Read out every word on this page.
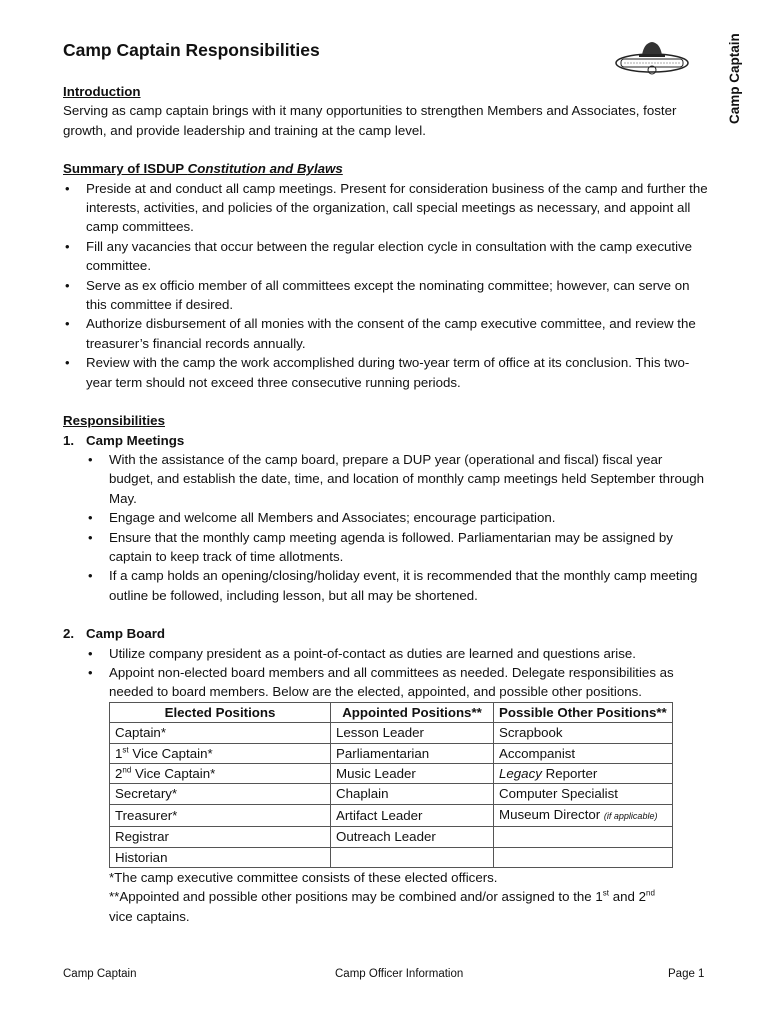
Camp Captain Responsibilities	Camp Captain

Introduction

Serving as camp captain brings with it many opportunities to strengthen Members and Associates, foster growth, and provide leadership and training at the camp level.

Summary of ISDUP Constitution and Bylaws

• Preside at and conduct all camp meetings. Present for consideration business of the camp and further the interests, activities, and policies of the organization, call special meetings as necessary, and appoint all camp committees.
• Fill any vacancies that occur between the regular election cycle in consultation with the camp executive committee.
• Serve as ex officio member of all committees except the nominating committee; however, can serve on this committee if desired.
• Authorize disbursement of all monies with the consent of the camp executive committee, and review the treasurer’s financial records annually.
• Review with the camp the work accomplished during two-year term of office at its conclusion. This two-year term should not exceed three consecutive running periods.

Responsibilities

1. Camp Meetings

• With the assistance of the camp board, prepare a DUP year (operational and fiscal) fiscal year budget, and establish the date, time, and location of monthly camp meetings held September through May.
• Engage and welcome all Members and Associates; encourage participation.
• Ensure that the monthly camp meeting agenda is followed. Parliamentarian may be assigned by captain to keep track of time allotments.
• If a camp holds an opening/closing/holiday event, it is recommended that the monthly camp meeting outline be followed, including lesson, but all may be shortened.

2. Camp Board

• Utilize company president as a point-of-contact as duties are learned and questions arise.
• Appoint non-elected board members and all committees as needed. Delegate responsibilities as needed to board members. Below are the elected, appointed, and possible other positions.
Elected Positions	Appointed Positions**	Possible Other Positions**
Captain*	Lesson Leader	Scrapbook
1st Vice Captain*	Parliamentarian	Accompanist
2nd Vice Captain*	Music Leader	Legacy Reporter
Secretary*	Chaplain	Computer Specialist
Treasurer*	Artifact Leader	Museum Director (if applicable)
Registrar	Outreach Leader	
Historian		

*The camp executive committee consists of these elected officers.

**Appointed and possible other positions may be combined and/or assigned to the 1st and 2nd
vice captains.

Camp Captain	Camp Officer Information	Page 1
